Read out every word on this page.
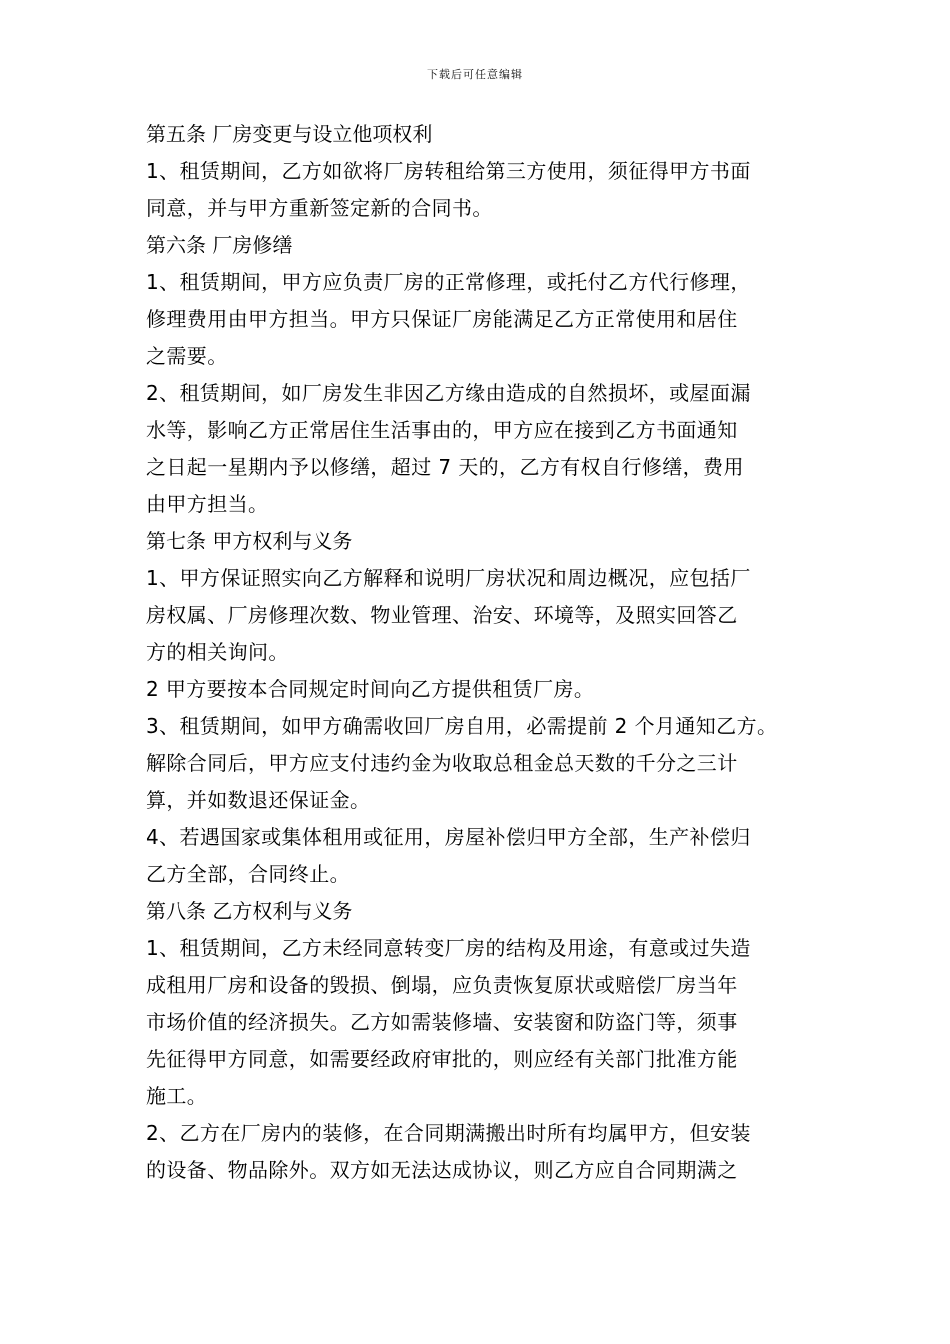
下载后可任意编辑
第五条 厂房变更与设立他项权利
1、租赁期间，乙方如欲将厂房转租给第三方使用，须征得甲方书面
同意，并与甲方重新签定新的合同书。
第六条 厂房修缮
1、租赁期间，甲方应负责厂房的正常修理，或托付乙方代行修理，
修理费用由甲方担当。甲方只保证厂房能满足乙方正常使用和居住
之需要。
2、租赁期间，如厂房发生非因乙方缘由造成的自然损坏，或屋面漏
水等，影响乙方正常居住生活事由的，甲方应在接到乙方书面通知
之日起一星期内予以修缮，超过 7 天的，乙方有权自行修缮，费用
由甲方担当。
第七条 甲方权利与义务
1、甲方保证照实向乙方解释和说明厂房状况和周边概况，应包括厂
房权属、厂房修理次数、物业管理、治安、环境等，及照实回答乙
方的相关询问。
2 甲方要按本合同规定时间向乙方提供租赁厂房。
3、租赁期间，如甲方确需收回厂房自用，必需提前 2 个月通知乙方。
解除合同后，甲方应支付违约金为收取总租金总天数的千分之三计
算，并如数退还保证金。
4、若遇国家或集体租用或征用，房屋补偿归甲方全部，生产补偿归
乙方全部，合同终止。
第八条 乙方权利与义务
1、租赁期间，乙方未经同意转变厂房的结构及用途，有意或过失造
成租用厂房和设备的毁损、倒塌，应负责恢复原状或赔偿厂房当年
市场价值的经济损失。乙方如需装修墙、安装窗和防盗门等，须事
先征得甲方同意，如需要经政府审批的，则应经有关部门批准方能
施工。
2、乙方在厂房内的装修，在合同期满搬出时所有均属甲方，但安装
的设备、物品除外。双方如无法达成协议，则乙方应自合同期满之
